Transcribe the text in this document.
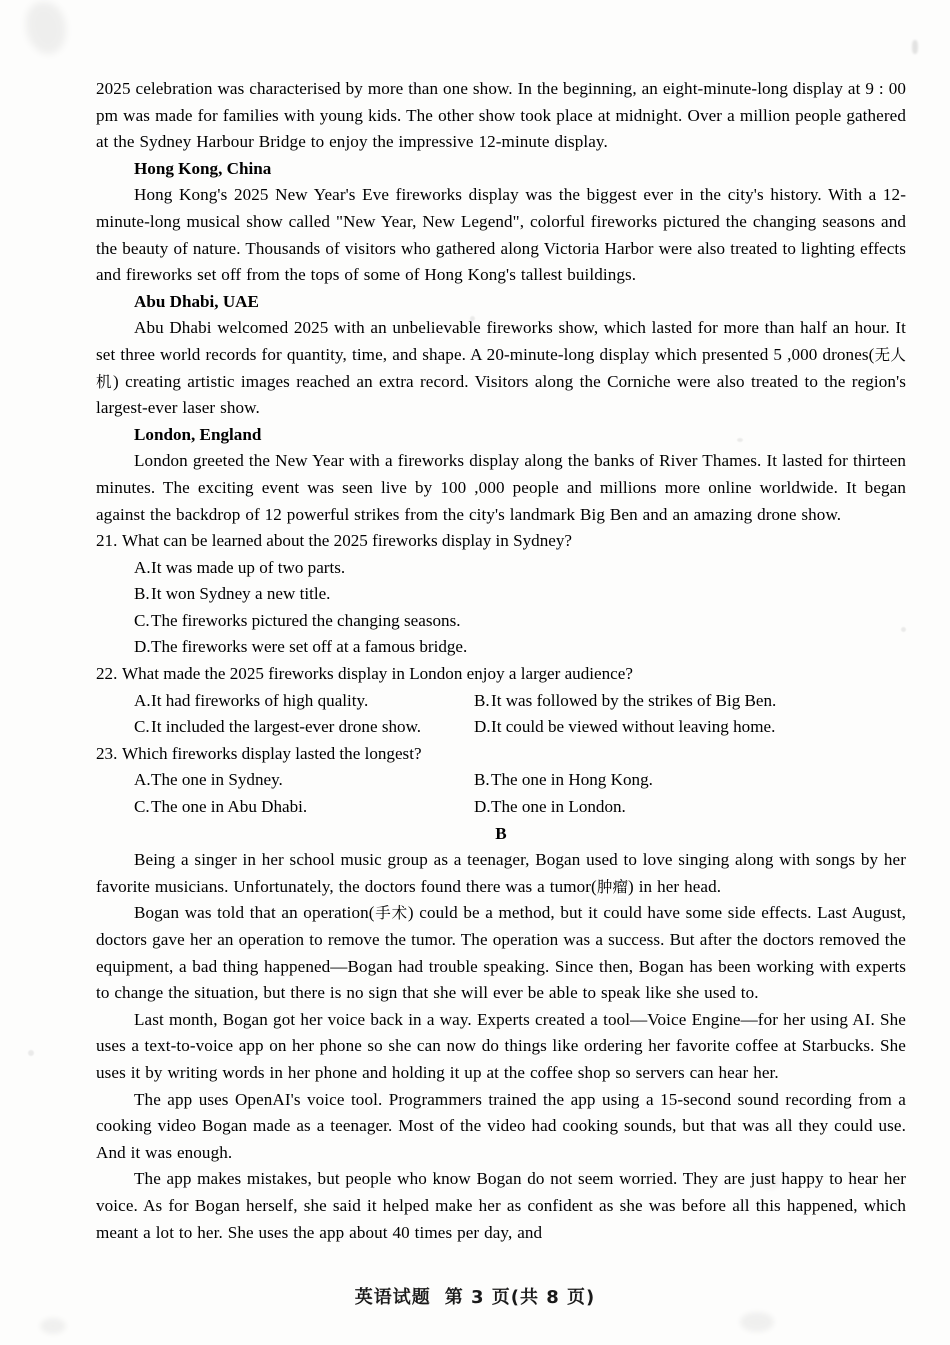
2025 celebration was characterised by more than one show. In the beginning, an eight-minute-long display at 9 : 00 pm was made for families with young kids. The other show took place at midnight. Over a million people gathered at the Sydney Harbour Bridge to enjoy the impressive 12-minute display.

Hong Kong, China

Hong Kong's 2025 New Year's Eve fireworks display was the biggest ever in the city's history. With a 12-minute-long musical show called "New Year, New Legend", colorful fireworks pictured the changing seasons and the beauty of nature. Thousands of visitors who gathered along Victoria Harbor were also treated to lighting effects and fireworks set off from the tops of some of Hong Kong's tallest buildings.

Abu Dhabi, UAE

Abu Dhabi welcomed 2025 with an unbelievable fireworks show, which lasted for more than half an hour. It set three world records for quantity, time, and shape. A 20-minute-long display which presented 5 ,000 drones(无人机) creating artistic images reached an extra record. Visitors along the Corniche were also treated to the region's largest-ever laser show.

London, England

London greeted the New Year with a fireworks display along the banks of River Thames. It lasted for thirteen minutes. The exciting event was seen live by 100 ,000 people and millions more online worldwide. It began against the backdrop of 12 powerful strikes from the city's landmark Big Ben and an amazing drone show.

21. What can be learned about the 2025 fireworks display in Sydney?

A.It was made up of two parts.
B.It won Sydney a new title.
C.The fireworks pictured the changing seasons.
D.The fireworks were set off at a famous bridge.

22. What made the 2025 fireworks display in London enjoy a larger audience?

A.It had fireworks of high quality.	B.It was followed by the strikes of Big Ben.
C.It included the largest-ever drone show.	D.It could be viewed without leaving home.

23. Which fireworks display lasted the longest?

A.The one in Sydney.	B.The one in Hong Kong.
C.The one in Abu Dhabi.	D.The one in London.

B

Being a singer in her school music group as a teenager, Bogan used to love singing along with songs by her favorite musicians. Unfortunately, the doctors found there was a tumor(肿瘤) in her head.

Bogan was told that an operation(手术) could be a method, but it could have some side effects. Last August, doctors gave her an operation to remove the tumor. The operation was a success. But after the doctors removed the equipment, a bad thing happened—Bogan had trouble speaking. Since then, Bogan has been working with experts to change the situation, but there is no sign that she will ever be able to speak like she used to.

Last month, Bogan got her voice back in a way. Experts created a tool—Voice Engine—for her using AI. She uses a text-to-voice app on her phone so she can now do things like ordering her favorite coffee at Starbucks. She uses it by writing words in her phone and holding it up at the coffee shop so servers can hear her.

The app uses OpenAI's voice tool. Programmers trained the app using a 15-second sound recording from a cooking video Bogan made as a teenager. Most of the video had cooking sounds, but that was all they could use. And it was enough.

The app makes mistakes, but people who know Bogan do not seem worried. They are just happy to hear her voice. As for Bogan herself, she said it helped make her as confident as she was before all this happened, which meant a lot to her. She uses the app about 40 times per day, and

英语试题 第 3 页(共 8 页)
